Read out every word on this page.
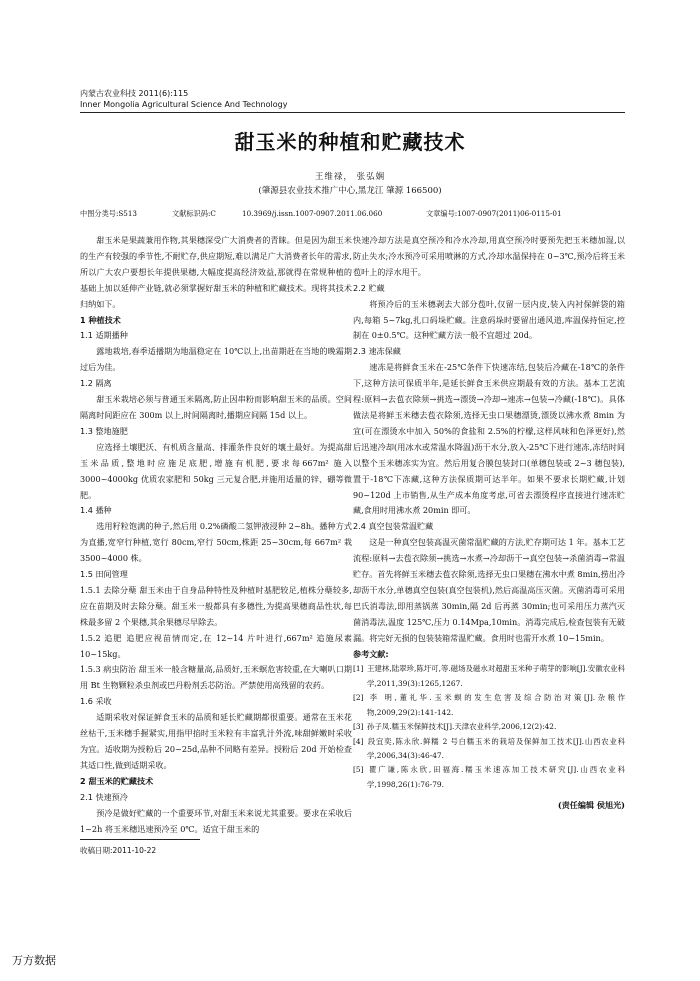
内蒙古农业科技 2011(6):115
Inner Mongolia Agricultural Science And Technology
甜玉米的种植和贮藏技术
王维禄， 张弘娴
(肇源县农业技术推广中心,黑龙江 肇源 166500)
中图分类号:S513	文献标识码:C	10.3969/j.issn.1007-0907.2011.06.060	文章编号:1007-0907(2011)06-0115-01

甜玉米是果蔬兼用作物,其果穗深受广大消费者的青睐。但是因为甜玉米的生产有较强的季节性,不耐贮存,供应期短,难以满足广大消费者长年的需求,所以广大农户要想长年提供果穗,大幅度提高经济效益,那就得在常规种植的基础上加以延伸产业链,就必须掌握好甜玉米的种植和贮藏技术。现将其技术归纳如下。

1 种植技术

1.1 适期播种

露地栽培,春季适播期为地温稳定在 10℃以上,出苗期赶在当地的晚霜期过后为佳。

1.2 隔离

甜玉米栽培必须与普通玉米隔离,防止因串粉而影响甜玉米的品质。空间隔离时间距应在 300m 以上,时间隔离时,播期应间隔 15d 以上。

1.3 整地施肥

应选择土壤肥沃、有机质含量高、排灌条件良好的壤土最好。为提高甜玉米品质,整地时应施足底肥,增施有机肥,要求每667m² 施入 3000~4000kg 优质农家肥和 50kg 三元复合肥,并施用适量的锌、硼等微肥。

1.4 播种

选用籽粒饱满的种子,然后用 0.2%磷酸二氢钾液浸种 2~8h。播种方式为直播,宽窄行种植,宽行 80cm,窄行 50cm,株距 25~30cm,每 667m² 栽 3500~4000 株。

1.5 田间管理

1.5.1 去除分蘖 甜玉米由于自身品种特性及种植时基肥较足,植株分蘖较多,应在苗期及时去除分蘖。甜玉米一般都具有多穗性,为提高果穗商品性状,每株最多留 2 个果穗,其余果穗尽早除去。

1.5.2 追肥 追肥应视苗情而定,在 12~14 片叶进行,667m² 追施尿素 10~15kg。

1.5.3 病虫防治 甜玉米一般含糖量高,品质好,玉米螟危害较重,在大喇叭口期用 Bt 生物颗粒杀虫剂或巴丹粉剂丢芯防治。严禁使用高残留的农药。

1.6 采收

适期采收对保证鲜食玉米的品质和延长贮藏期都很重要。通常在玉米花丝枯干,玉米穗手握紧实,用指甲掐时玉米粒有丰富乳汁外流,味甜鲜嫩时采收为宜。适收期为授粉后 20~25d,品种不同略有差异。授粉后 20d 开始检查其适口性,做到适期采收。

2 甜玉米的贮藏技术

2.1 快速预冷

预冷是做好贮藏的一个重要环节,对甜玉米来说尤其重要。要求在采收后 1~2h 将玉米穗迅速预冷至 0℃。适宜于甜玉米的

快速冷却方法是真空预冷和冷水冷却,用真空预冷时要预先把玉米穗加湿,以防止失水;冷水预冷可采用喷淋的方式,冷却水温保持在 0~3℃,预冷后将玉米苞叶上的浮水甩干。

2.2 贮藏

将预冷后的玉米穗剥去大部分苞叶,仅留一层内皮,装入内衬保鲜袋的箱内,每箱 5~7kg,扎口码垛贮藏。注意码垛时要留出通风道,库温保持恒定,控制在 0±0.5℃。这种贮藏方法一般不宜超过 20d。

2.3 速冻保藏

速冻是将鲜食玉米在-25℃条件下快速冻结,包装后冷藏在-18℃的条件下,这种方法可保质半年,是延长鲜食玉米供应期最有效的方法。基本工艺流程:原料→去苞衣除须→挑选→漂烫→冷却→速冻→包装→冷藏(-18℃)。具体做法是将鲜玉米穗去苞衣除须,选择无虫口果穗漂烫,漂烫以沸水煮 8min 为宜(可在漂烫水中加入 50%的食盐和 2.5%的柠檬,这样风味和色泽更好),然后迅速冷却(用冰水或常温水降温)沥干水分,放入-25℃下进行速冻,冻结时间以整个玉米穗冻实为宜。然后用复合膜包装封口(单穗包装或 2~3 穗包装),置于-18℃下冻藏,这种方法保质期可达半年。如果不要求长期贮藏,计划 90~120d 上市销售,从生产成本角度考虑,可省去漂烫程序直接进行速冻贮藏,食用时用沸水煮 20min 即可。

2.4 真空包装常温贮藏

这是一种真空包装高温灭菌常温贮藏的方法,贮存期可达 1 年。基本工艺流程:原料→去苞衣除须→挑选→水煮→冷却沥干→真空包装→杀菌消毒→常温贮存。首先将鲜玉米穗去苞衣除须,选择无虫口果穗在沸水中煮 8min,捞出冷却沥干水分,单穗真空包装(真空包装机),然后高温高压灭菌。灭菌消毒可采用巴氏消毒法,即用蒸锅蒸 30min,隔 2d 后再蒸 30min;也可采用压力蒸汽灭菌消毒法,温度 125℃,压力 0.14Mpa,10min。消毒完成后,检查包装有无破漏。将完好无损的包装装箱常温贮藏。食用时也需开水煮 10~15min。

参考文献:

[1] 王建林,陆翠珍,陈圩可,等.磁场及磁水对超甜玉米种子萌芽的影响[J].安徽农业科学,2011,39(3):1265,1267.

[2] 李 明,董礼华.玉米螟的发生危害及综合防治对策[J].杂粮作物,2009,29(2):141-142.

[3] 孙子凤.糯玉米保鲜技术[J].天津农业科学,2006,12(2):42.

[4] 段宜奕,陈永欣.鲜糯 2 号白糯玉米的栽培及保鲜加工技术[J].山西农业科学,2006,34(3):46-47.

[5] 瞿广谦,陈永欣,田福海.糯玉米速冻加工技术研究[J].山西农业科学,1998,26(1):76-79.

(责任编辑 侯旭光)

收稿日期:2011-10-22
万方数据
